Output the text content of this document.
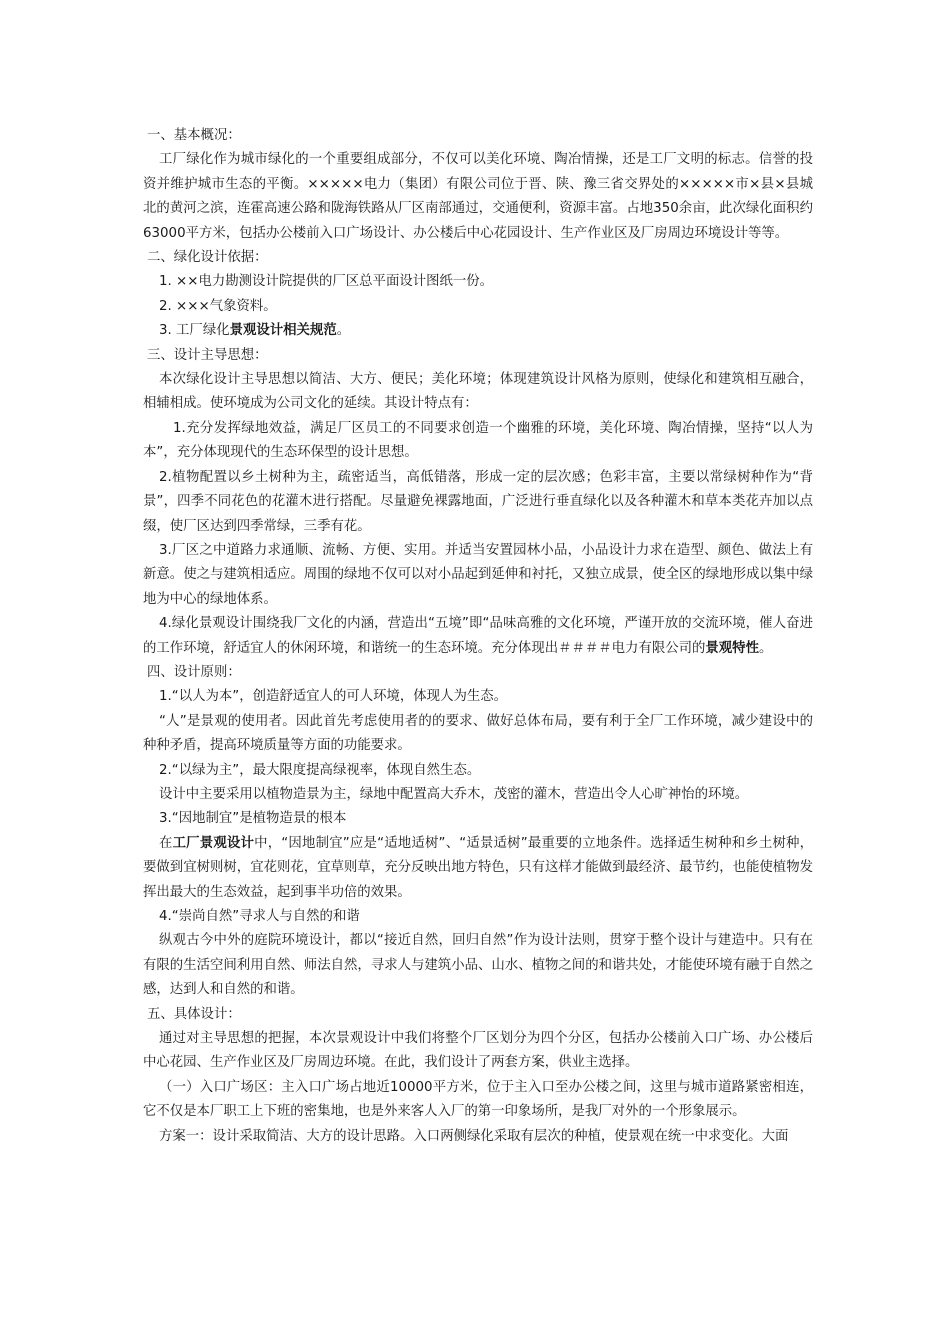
一、基本概况：

工厂绿化作为城市绿化的一个重要组成部分，不仅可以美化环境、陶冶情操，还是工厂文明的标志。信誉的投资并维护城市生态的平衡。×××××电力（集团）有限公司位于晋、陕、豫三省交界处的×××××市×县×县城北的黄河之滨，连霍高速公路和陇海铁路从厂区南部通过，交通便利，资源丰富。占地350余亩，此次绿化面积约63000平方米，包括办公楼前入口广场设计、办公楼后中心花园设计、生产作业区及厂房周边环境设计等等。

二、绿化设计依据：

1. ××电力勘测设计院提供的厂区总平面设计图纸一份。

2. ×××气象资料。

3. 工厂绿化景观设计相关规范。

三、设计主导思想：

本次绿化设计主导思想以简洁、大方、便民；美化环境；体现建筑设计风格为原则，使绿化和建筑相互融合，相辅相成。使环境成为公司文化的延续。其设计特点有：

1.充分发挥绿地效益，满足厂区员工的不同要求创造一个幽雅的环境，美化环境、陶冶情操，坚持“以人为本”，充分体现现代的生态环保型的设计思想。

2.植物配置以乡土树种为主，疏密适当，高低错落，形成一定的层次感；色彩丰富，主要以常绿树种作为“背景”，四季不同花色的花灌木进行搭配。尽量避免裸露地面，广泛进行垂直绿化以及各种灌木和草本类花卉加以点缀，使厂区达到四季常绿，三季有花。

3.厂区之中道路力求通顺、流畅、方便、实用。并适当安置园林小品，小品设计力求在造型、颜色、做法上有新意。使之与建筑相适应。周围的绿地不仅可以对小品起到延伸和衬托，又独立成景，使全区的绿地形成以集中绿地为中心的绿地体系。

4.绿化景观设计围绕我厂文化的内涵，营造出“五境”即“品味高雅的文化环境，严谨开放的交流环境，催人奋进的工作环境，舒适宜人的休闲环境，和谐统一的生态环境。充分体现出＃＃＃＃电力有限公司的景观特性。

四、设计原则：

1.“以人为本”，创造舒适宜人的可人环境，体现人为生态。

“人”是景观的使用者。因此首先考虑使用者的的要求、做好总体布局，要有利于全厂工作环境，减少建设中的种种矛盾，提高环境质量等方面的功能要求。

2.“以绿为主”，最大限度提高绿视率，体现自然生态。

设计中主要采用以植物造景为主，绿地中配置高大乔木，茂密的灌木，营造出令人心旷神怡的环境。

3.“因地制宜”是植物造景的根本

在工厂景观设计中，“因地制宜”应是“适地适树”、“适景适树”最重要的立地条件。选择适生树种和乡土树种，要做到宜树则树，宜花则花，宜草则草，充分反映出地方特色，只有这样才能做到最经济、最节约，也能使植物发挥出最大的生态效益，起到事半功倍的效果。

4.“崇尚自然”寻求人与自然的和谐

纵观古今中外的庭院环境设计，都以“接近自然，回归自然”作为设计法则，贯穿于整个设计与建造中。只有在有限的生活空间利用自然、师法自然，寻求人与建筑小品、山水、植物之间的和谐共处，才能使环境有融于自然之感，达到人和自然的和谐。

五、具体设计：

通过对主导思想的把握，本次景观设计中我们将整个厂区划分为四个分区，包括办公楼前入口广场、办公楼后中心花园、生产作业区及厂房周边环境。在此，我们设计了两套方案，供业主选择。

（一）入口广场区：主入口广场占地近10000平方米，位于主入口至办公楼之间，这里与城市道路紧密相连，它不仅是本厂职工上下班的密集地，也是外来客人入厂的第一印象场所，是我厂对外的一个形象展示。

方案一：设计采取简洁、大方的设计思路。入口两侧绿化采取有层次的种植，使景观在统一中求变化。大面
